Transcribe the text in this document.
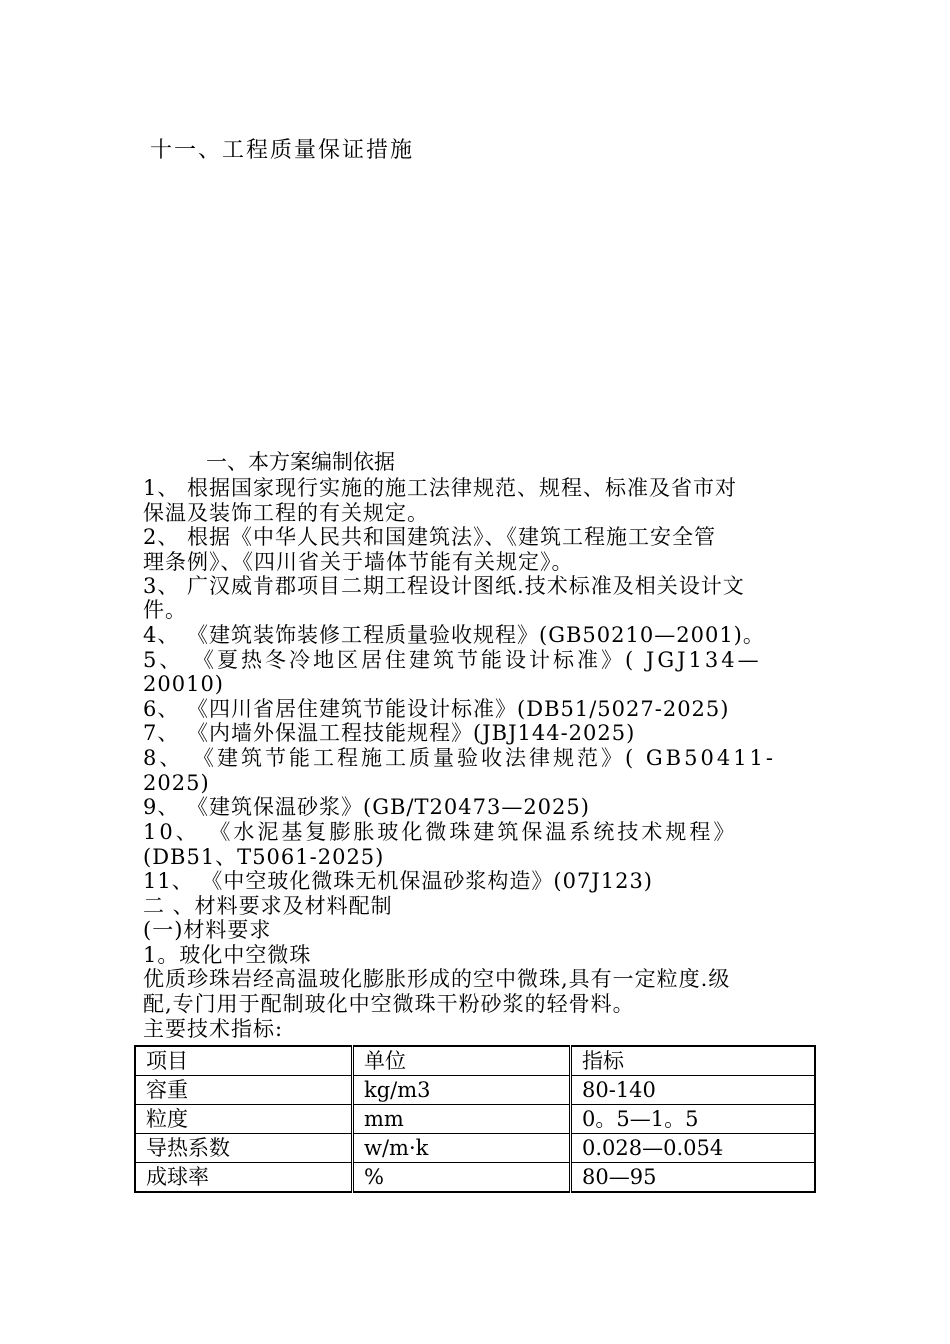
十一、工程质量保证措施
一、本方案编制依据
1、 根据国家现行实施的施工法律规范、规程、标准及省市对
保温及装饰工程的有关规定。
2、 根据《中华人民共和国建筑法》、《建筑工程施工安全管
理条例》、《四川省关于墙体节能有关规定》。
3、 广汉威肯郡项目二期工程设计图纸.技术标准及相关设计文
件。
4、 《建筑装饰装修工程质量验收规程》(GB50210—2001)。
5、 《夏热冬冷地区居住建筑节能设计标准》( JGJ134—
20010)
6、 《四川省居住建筑节能设计标准》(DB51/5027-2025)
7、 《内墙外保温工程技能规程》(JBJ144-2025)
8、 《建筑节能工程施工质量验收法律规范》( GB50411-
2025)
9、 《建筑保温砂浆》(GB/T20473—2025)
10、 《水泥基复膨胀玻化微珠建筑保温系统技术规程》
(DB51、T5061-2025)
11、 《中空玻化微珠无机保温砂浆构造》(07J123)
二 、材料要求及材料配制
(一)材料要求
1。玻化中空微珠
优质珍珠岩经高温玻化膨胀形成的空中微珠,具有一定粒度.级
配,专门用于配制玻化中空微珠干粉砂浆的轻骨料。
主要技术指标:
项目	单位	指标
容重	kg/m3	80-140
粒度	mm	0。5—1。5
导热系数	w/m·k	0.028—0.054
成球率	%	80—95
